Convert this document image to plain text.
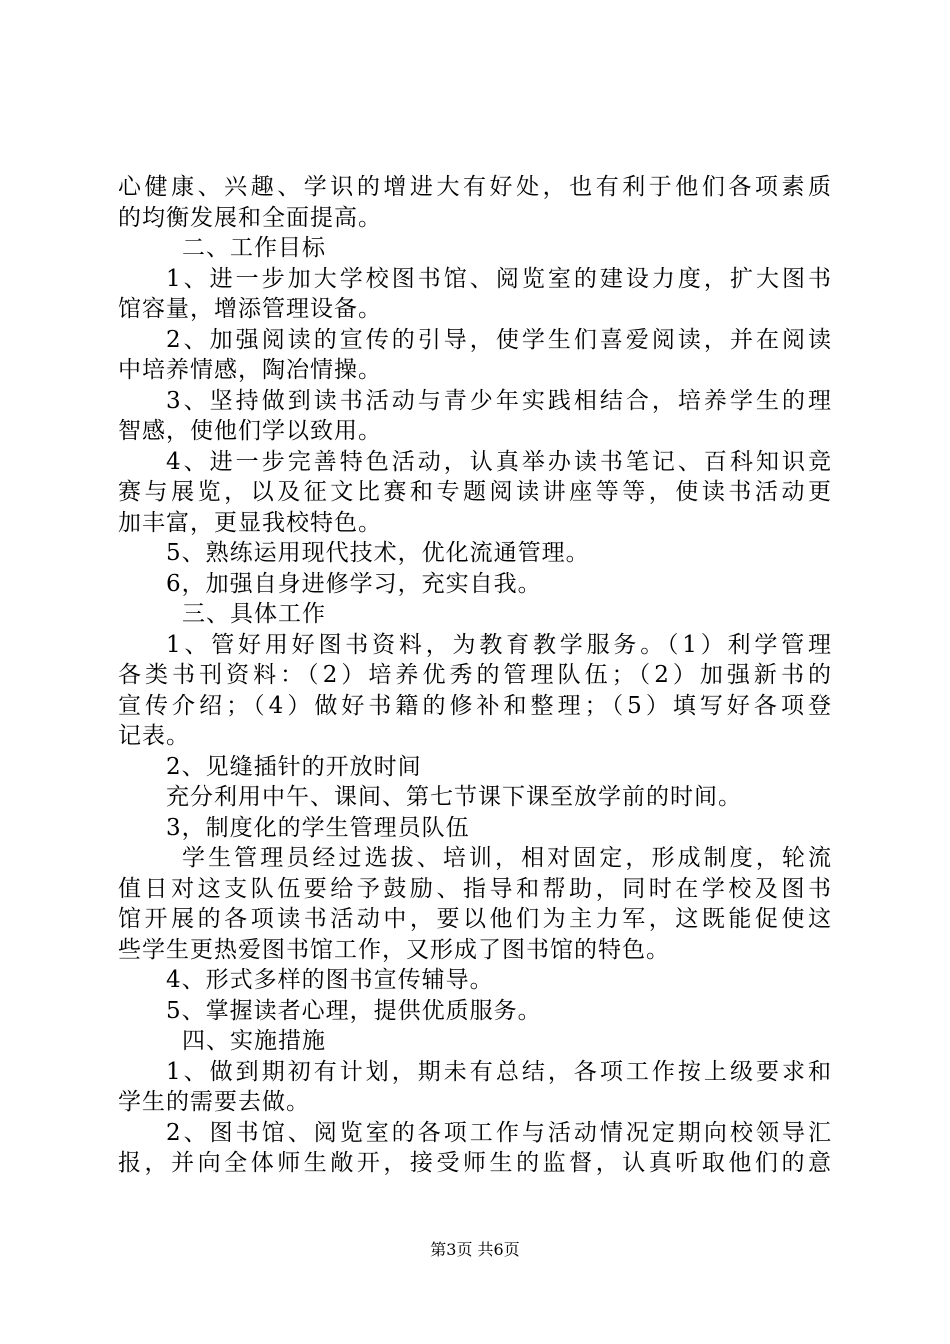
心健康、兴趣、学识的增进大有好处，也有利于他们各项素质
的均衡发展和全面提高。
二、工作目标
1、进一步加大学校图书馆、阅览室的建设力度，扩大图书
馆容量，增添管理设备。
2、加强阅读的宣传的引导，使学生们喜爱阅读，并在阅读
中培养情感，陶冶情操。
3、坚持做到读书活动与青少年实践相结合，培养学生的理
智感，使他们学以致用。
4、进一步完善特色活动，认真举办读书笔记、百科知识竞
赛与展览，以及征文比赛和专题阅读讲座等等，使读书活动更
加丰富，更显我校特色。
5、熟练运用现代技术，优化流通管理。
6，加强自身进修学习，充实自我。
三、具体工作
1、管好用好图书资料，为教育教学服务。（1）利学管理
各类书刊资料：（2）培养优秀的管理队伍；（2）加强新书的
宣传介绍；（4）做好书籍的修补和整理；（5）填写好各项登
记表。
2、见缝插针的开放时间
充分利用中午、课间、第七节课下课至放学前的时间。
3，制度化的学生管理员队伍
学生管理员经过选拔、培训，相对固定，形成制度，轮流
值日对这支队伍要给予鼓励、指导和帮助，同时在学校及图书
馆开展的各项读书活动中，要以他们为主力军，这既能促使这
些学生更热爱图书馆工作，又形成了图书馆的特色。
4、形式多样的图书宣传辅导。
5、掌握读者心理，提供优质服务。
四、实施措施
1、做到期初有计划，期未有总结，各项工作按上级要求和
学生的需要去做。
2、图书馆、阅览室的各项工作与活动情况定期向校领导汇
报，并向全体师生敞开，接受师生的监督，认真听取他们的意
第3页 共6页
